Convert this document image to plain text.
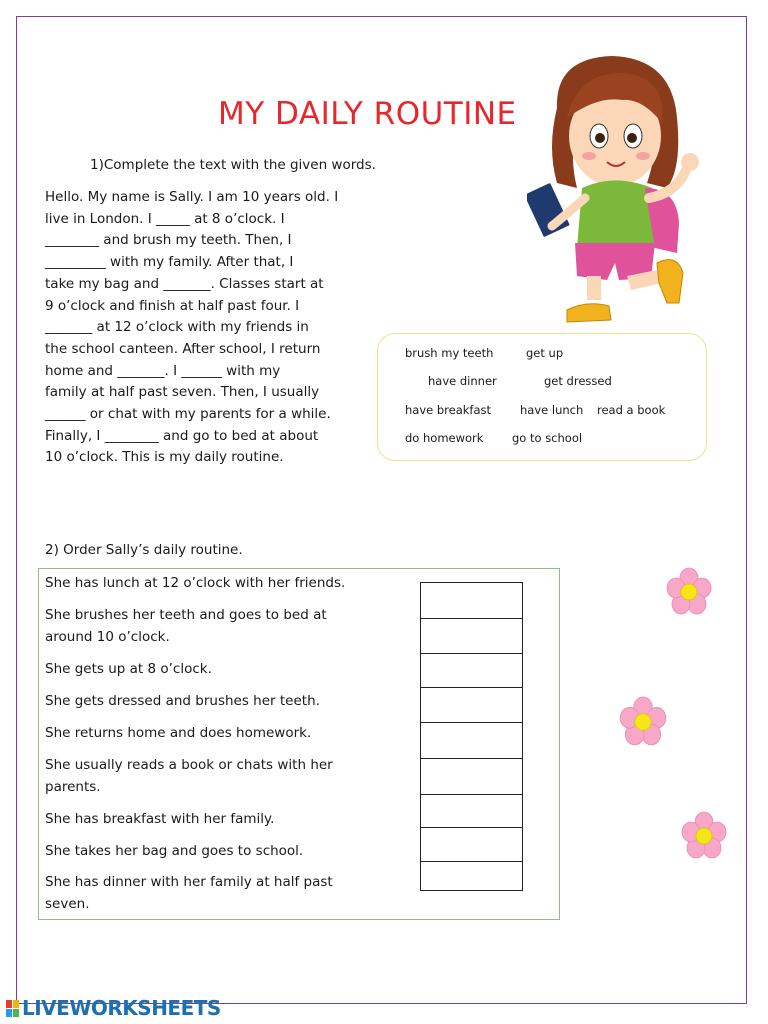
MY DAILY ROUTINE
1)Complete the text with the given words.
Hello. My name is Sally. I am 10 years old. I
live in London. I _____ at 8 o’clock. I
________ and brush my teeth. Then, I
_________ with my family. After that, I
take my bag and _______. Classes start at
9 o’clock and finish at half past four. I
_______ at 12 o’clock with my friends in
the school canteen. After school, I return
home and _______. I ______ with my
family at half past seven. Then, I usually
______ or chat with my parents for a while.
Finally, I ________ and go to bed at about
10 o’clock. This is my daily routine.
brush my teeth	get up
have dinner	get dressed
have breakfast	have lunch read a book
do homework go to school
2) Order Sally’s daily routine.
She has lunch at 12 o’clock with her friends.
She brushes her teeth and goes to bed at around 10 o’clock.
She gets up at 8 o’clock.
She gets dressed and brushes her teeth.
She returns home and does homework.
She usually reads a book or chats with her parents.
She has breakfast with her family.
She takes her bag and goes to school.
She has dinner with her family at half past seven.
LIVEWORKSHEETS
